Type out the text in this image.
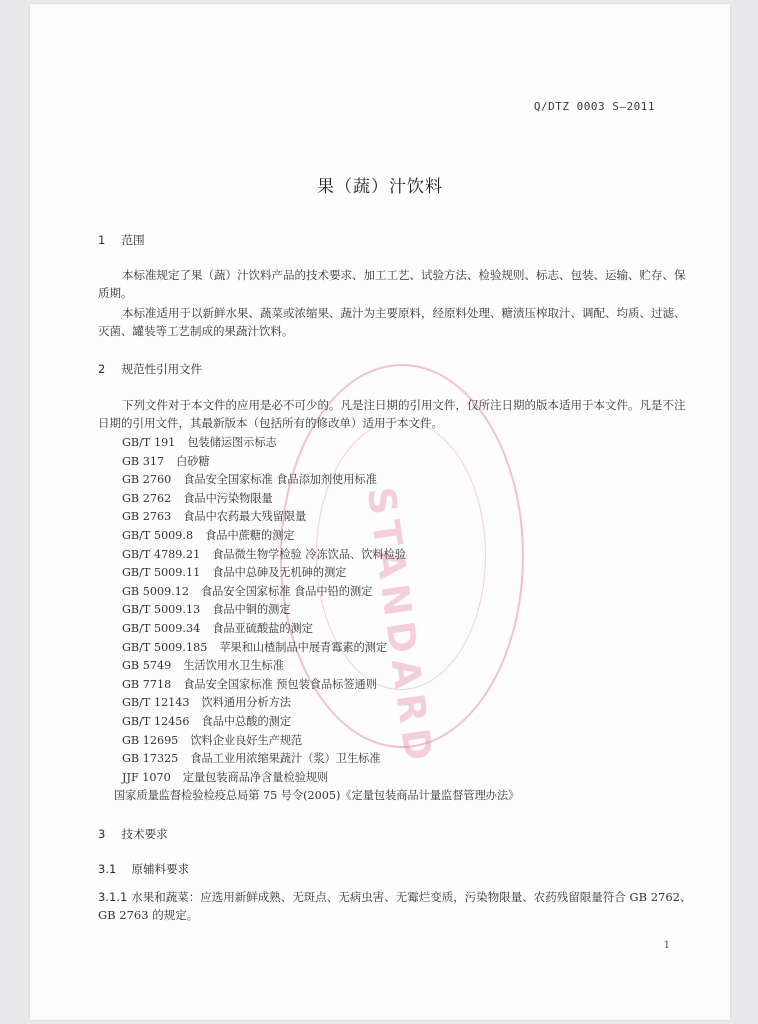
STANDARD
Q/DTZ 0003 S—2011
果（蔬）汁饮料
1 范围

本标准规定了果（蔬）汁饮料产品的技术要求、加工工艺、试验方法、检验规则、标志、包装、运输、贮存、保质期。

本标准适用于以新鲜水果、蔬菜或浓缩果、蔬汁为主要原料，经原料处理、糖渍压榨取汁、调配、均质、过滤、灭菌、罐装等工艺制成的果蔬汁饮料。

2 规范性引用文件

下列文件对于本文件的应用是必不可少的。凡是注日期的引用文件，仅所注日期的版本适用于本文件。凡是不注日期的引用文件，其最新版本（包括所有的修改单）适用于本文件。

GB/T 191 包装储运图示标志
GB 317 白砂糖
GB 2760 食品安全国家标准 食品添加剂使用标准
GB 2762 食品中污染物限量
GB 2763 食品中农药最大残留限量
GB/T 5009.8 食品中蔗糖的测定
GB/T 4789.21 食品微生物学检验 冷冻饮品、饮料检验
GB/T 5009.11 食品中总砷及无机砷的测定
GB 5009.12 食品安全国家标准 食品中铅的测定
GB/T 5009.13 食品中铜的测定
GB/T 5009.34 食品亚硫酸盐的测定
GB/T 5009.185 苹果和山楂制品中展青霉素的测定
GB 5749 生活饮用水卫生标准
GB 7718 食品安全国家标准 预包装食品标签通则
GB/T 12143 饮料通用分析方法
GB/T 12456 食品中总酸的测定
GB 12695 饮料企业良好生产规范
GB 17325 食品工业用浓缩果蔬汁（浆）卫生标准
JJF 1070 定量包装商品净含量检验规则
国家质量监督检验检疫总局第 75 号令(2005)《定量包装商品计量监督管理办法》
3 技术要求
3.1 原辅料要求

3.1.1 水果和蔬菜：应选用新鲜成熟、无斑点、无病虫害、无霉烂变质，污染物限量、农药残留限量符合 GB 2762、GB 2763 的规定。

1
